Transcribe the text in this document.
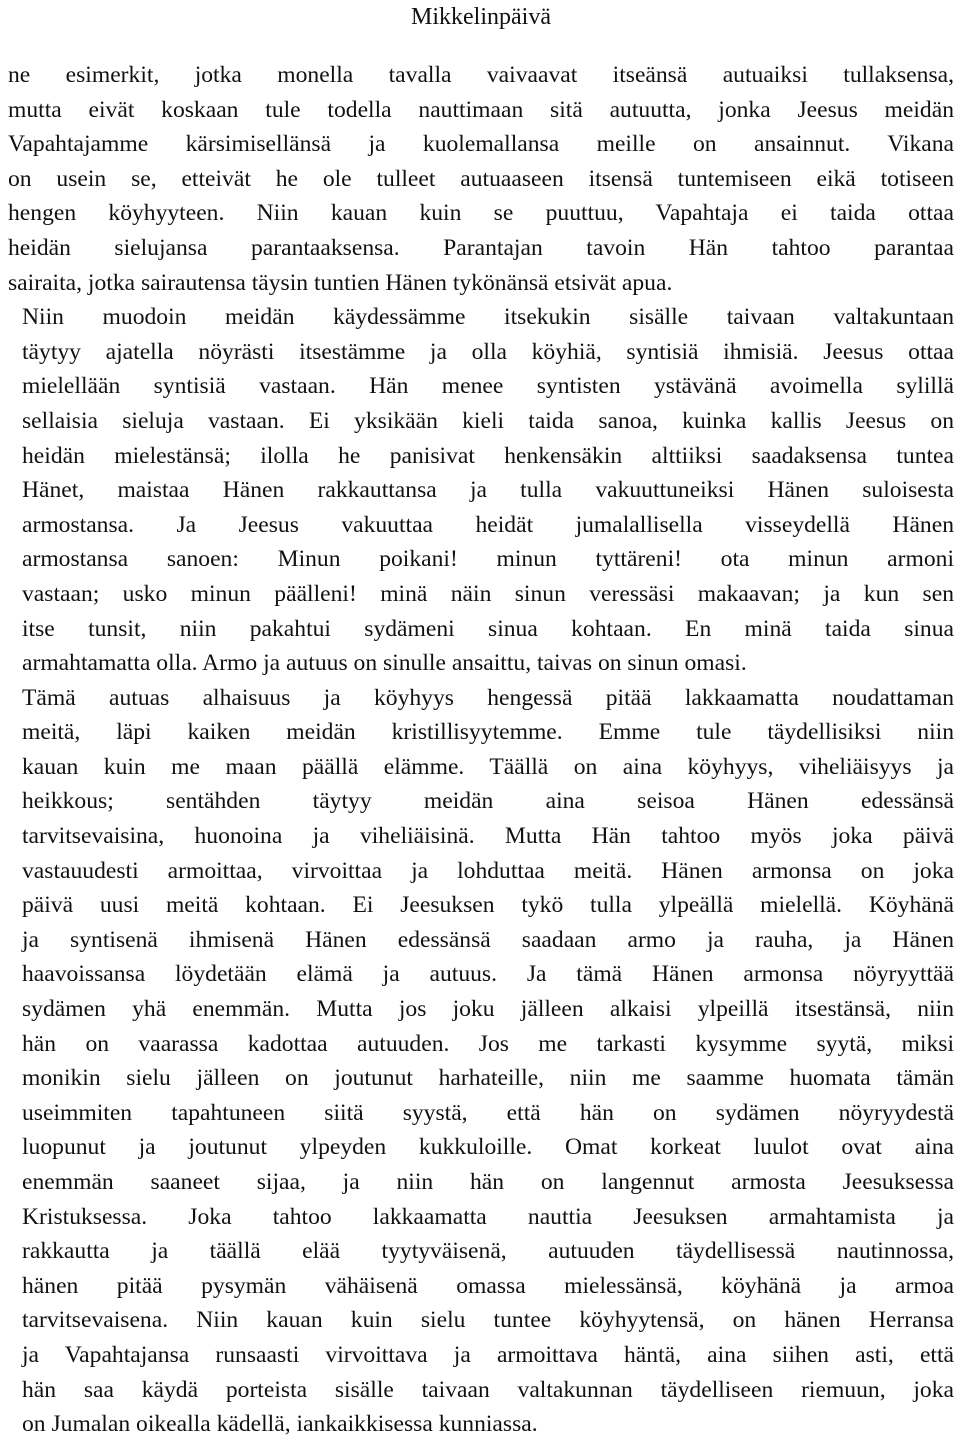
Mikkelinpäivä
ne esimerkit, jotka monella tavalla vaivaavat itseänsä autuaiksi tullaksensa,
mutta eivät koskaan tule todella nauttimaan sitä autuutta, jonka Jeesus meidän
Vapahtajamme kärsimisellänsä ja kuolemallansa meille on ansainnut. Vikana
on usein se, etteivät he ole tulleet autuaaseen itsensä tuntemiseen eikä totiseen
hengen köyhyyteen. Niin kauan kuin se puuttuu, Vapahtaja ei taida ottaa
heidän sielujansa parantaaksensa. Parantajan tavoin Hän tahtoo parantaa
sairaita, jotka sairautensa täysin tuntien Hänen tykönänsä etsivät apua.
Niin muodoin meidän käydessämme itsekukin sisälle taivaan valtakuntaan
täytyy ajatella nöyrästi itsestämme ja olla köyhiä, syntisiä ihmisiä. Jeesus ottaa
mielellään syntisiä vastaan. Hän menee syntisten ystävänä avoimella sylillä
sellaisia sieluja vastaan. Ei yksikään kieli taida sanoa, kuinka kallis Jeesus on
heidän mielestänsä; ilolla he panisivat henkensäkin alttiiksi saadaksensa tuntea
Hänet, maistaa Hänen rakkauttansa ja tulla vakuuttuneiksi Hänen suloisesta
armostansa. Ja Jeesus vakuuttaa heidät jumalallisella visseydellä Hänen
armostansa sanoen: Minun poikani! minun tyttäreni! ota minun armoni
vastaan; usko minun päälleni! minä näin sinun veressäsi makaavan; ja kun sen
itse tunsit, niin pakahtui sydämeni sinua kohtaan. En minä taida sinua
armahtamatta olla. Armo ja autuus on sinulle ansaittu, taivas on sinun omasi.
Tämä autuas alhaisuus ja köyhyys hengessä pitää lakkaamatta noudattaman
meitä, läpi kaiken meidän kristillisyytemme. Emme tule täydellisiksi niin
kauan kuin me maan päällä elämme. Täällä on aina köyhyys, viheliäisyys ja
heikkous; sentähden täytyy meidän aina seisoa Hänen edessänsä
tarvitsevaisina, huonoina ja viheliäisinä. Mutta Hän tahtoo myös joka päivä
vastauudesti armoittaa, virvoittaa ja lohduttaa meitä. Hänen armonsa on joka
päivä uusi meitä kohtaan. Ei Jeesuksen tykö tulla ylpeällä mielellä. Köyhänä
ja syntisenä ihmisenä Hänen edessänsä saadaan armo ja rauha, ja Hänen
haavoissansa löydetään elämä ja autuus. Ja tämä Hänen armonsa nöyryyttää
sydämen yhä enemmän. Mutta jos joku jälleen alkaisi ylpeillä itsestänsä, niin
hän on vaarassa kadottaa autuuden. Jos me tarkasti kysymme syytä, miksi
monikin sielu jälleen on joutunut harhateille, niin me saamme huomata tämän
useimmiten tapahtuneen siitä syystä, että hän on sydämen nöyryydestä
luopunut ja joutunut ylpeyden kukkuloille. Omat korkeat luulot ovat aina
enemmän saaneet sijaa, ja niin hän on langennut armosta Jeesuksessa
Kristuksessa. Joka tahtoo lakkaamatta nauttia Jeesuksen armahtamista ja
rakkautta ja täällä elää tyytyväisenä, autuuden täydellisessä nautinnossa,
hänen pitää pysymän vähäisenä omassa mielessänsä, köyhänä ja armoa
tarvitsevaisena. Niin kauan kuin sielu tuntee köyhyytensä, on hänen Herransa
ja Vapahtajansa runsaasti virvoittava ja armoittava häntä, aina siihen asti, että
hän saa käydä porteista sisälle taivaan valtakunnan täydelliseen riemuun, joka
on Jumalan oikealla kädellä, iankaikkisessa kunniassa.
